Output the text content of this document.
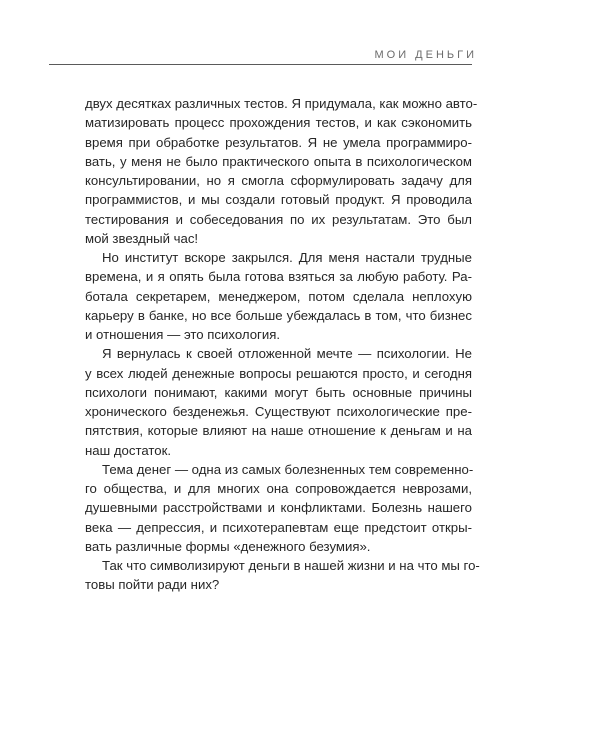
МОИ ДЕНЬГИ
двух десятках различных тестов. Я придумала, как можно авто-
матизировать процесс прохождения тестов, и как сэкономить
время при обработке результатов. Я не умела программиро-
вать, у меня не было практического опыта в психологическом
консультировании, но я смогла сформулировать задачу для
программистов, и мы создали готовый продукт. Я проводила
тестирования и собеседования по их результатам. Это был
мой звездный час!
Но институт вскоре закрылся. Для меня настали трудные
времена, и я опять была готова взяться за любую работу. Ра-
ботала секретарем, менеджером, потом сделала неплохую
карьеру в банке, но все больше убеждалась в том, что бизнес
и отношения — это психология.
Я вернулась к своей отложенной мечте — психологии. Не
у всех людей денежные вопросы решаются просто, и сегодня
психологи понимают, какими могут быть основные причины
хронического безденежья. Существуют психологические пре-
пятствия, которые влияют на наше отношение к деньгам и на
наш достаток.
Тема денег — одна из самых болезненных тем современно-
го общества, и для многих она сопровождается неврозами,
душевными расстройствами и конфликтами. Болезнь нашего
века — депрессия, и психотерапевтам еще предстоит откры-
вать различные формы «денежного безумия».
Так что символизируют деньги в нашей жизни и на что мы го-
товы пойти ради них?
